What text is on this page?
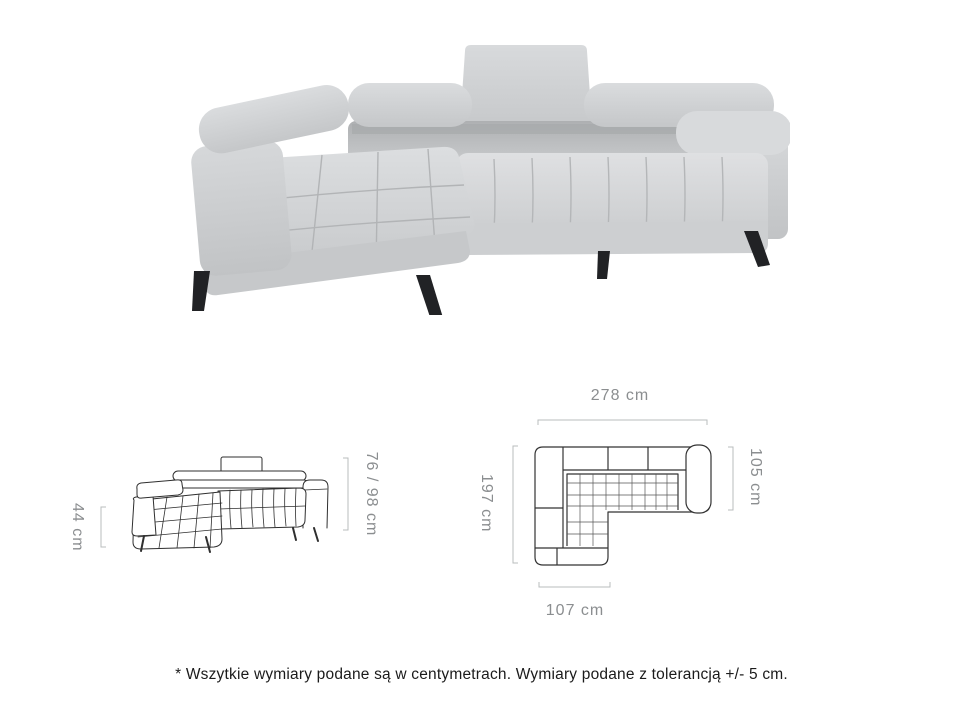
44 cm	76 / 98 cm
278 cm
197 cm	105 cm
107 cm
* Wszytkie wymiary podane są w centymetrach. Wymiary podane z tolerancją +/- 5 cm.
